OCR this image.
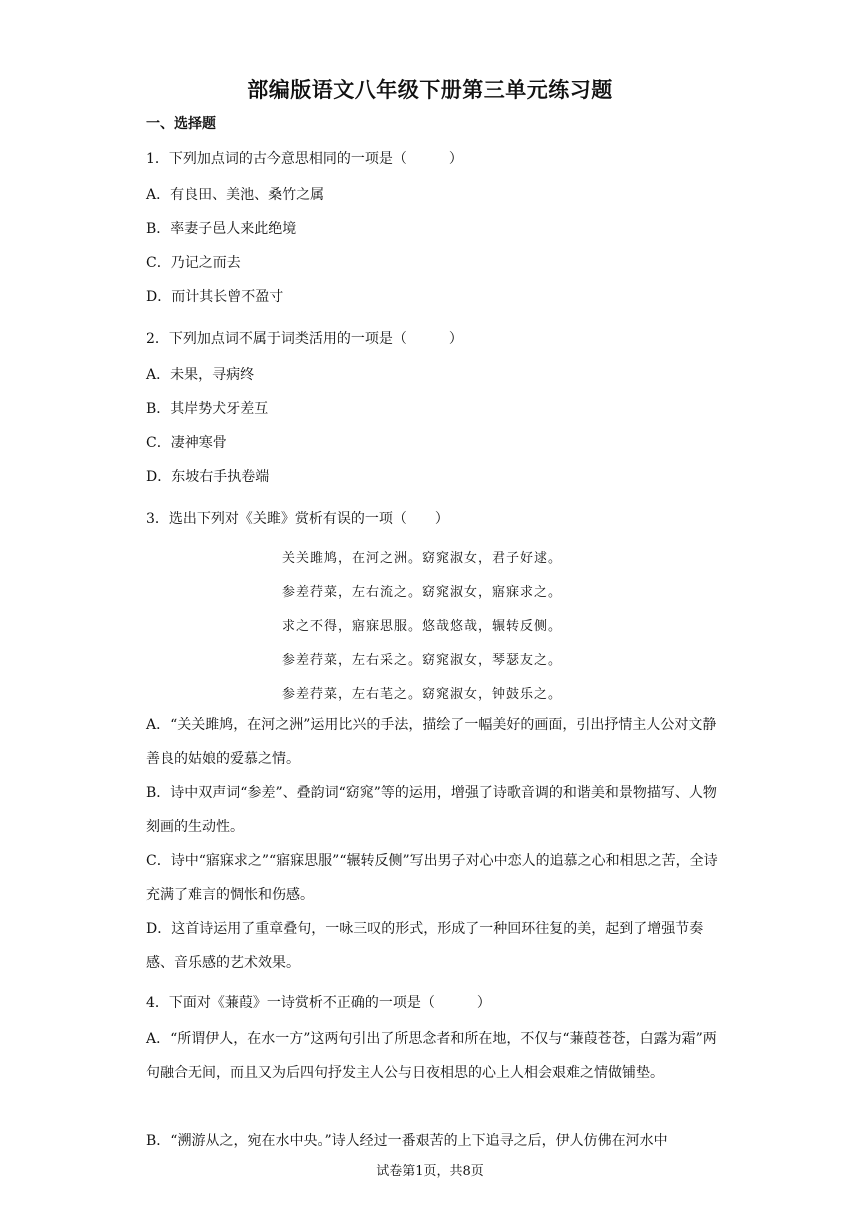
部编版语文八年级下册第三单元练习题
一、选择题
1．下列加点词的古今意思相同的一项是（　　　）
A．有良田、美池、桑竹之属
B．率妻子邑人来此绝境
C．乃记之而去
D．而计其长曾不盈寸
2．下列加点词不属于词类活用的一项是（　　　）
A．未果，寻病终
B．其岸势犬牙差互
C．凄神寒骨
D．东坡右手执卷端
3．选出下列对《关雎》赏析有误的一项（　　）
关关雎鸠，在河之洲。窈窕淑女，君子好逑。
参差荇菜，左右流之。窈窕淑女，寤寐求之。
求之不得，寤寐思服。悠哉悠哉，辗转反侧。
参差荇菜，左右采之。窈窕淑女，琴瑟友之。
参差荇菜，左右芼之。窈窕淑女，钟鼓乐之。
A．“关关雎鸠，在河之洲”运用比兴的手法，描绘了一幅美好的画面，引出抒情主人公对文静善良的姑娘的爱慕之情。
B．诗中双声词“参差”、叠韵词“窈窕”等的运用，增强了诗歌音调的和谐美和景物描写、人物刻画的生动性。
C．诗中“寤寐求之”“寤寐思服”“辗转反侧”写出男子对心中恋人的追慕之心和相思之苦，全诗充满了难言的惆怅和伤感。
D．这首诗运用了重章叠句，一咏三叹的形式，形成了一种回环往复的美，起到了增强节奏感、音乐感的艺术效果。
4．下面对《蒹葭》一诗赏析不正确的一项是（　　　）
A．“所谓伊人，在水一方”这两句引出了所思念者和所在地，不仅与“蒹葭苍苍，白露为霜”两句融合无间，而且又为后四句抒发主人公与日夜相思的心上人相会艰难之情做铺垫。
B．“溯游从之，宛在水中央。”诗人经过一番艰苦的上下追寻之后，伊人仿佛在河水中
试卷第1页，共8页
